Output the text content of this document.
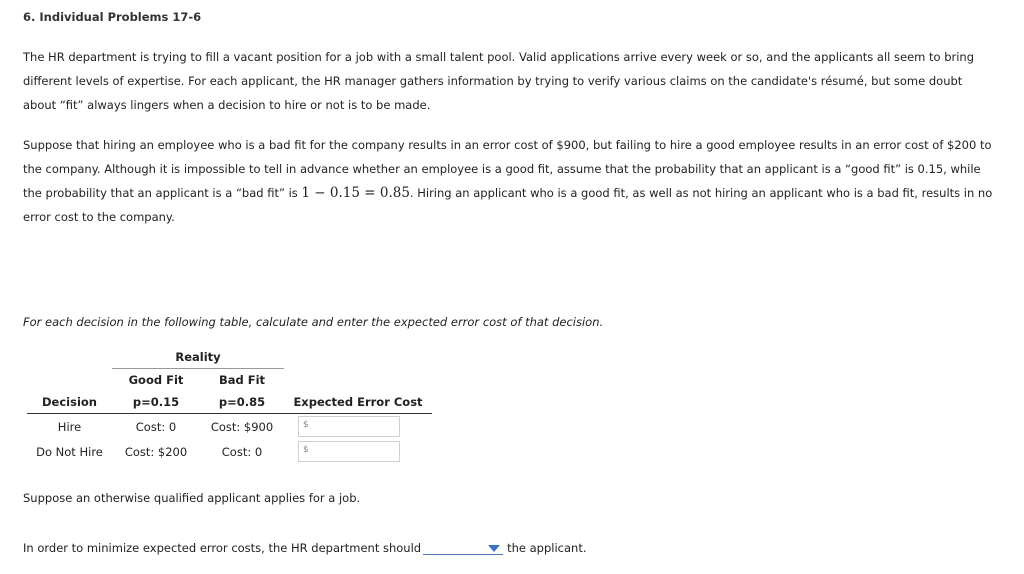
6. Individual Problems 17-6
The HR department is trying to fill a vacant position for a job with a small talent pool. Valid applications arrive every week or so, and the applicants all seem to bring different levels of expertise. For each applicant, the HR manager gathers information by trying to verify various claims on the candidate's résumé, but some doubt about “fit” always lingers when a decision to hire or not is to be made.
Suppose that hiring an employee who is a bad fit for the company results in an error cost of $900, but failing to hire a good employee results in an error cost of $200 to the company. Although it is impossible to tell in advance whether an employee is a good fit, assume that the probability that an applicant is a “good fit” is 0.15, while the probability that an applicant is a “bad fit” is 1 − 0.15 = 0.85. Hiring an applicant who is a good fit, as well as not hiring an applicant who is a bad fit, results in no error cost to the company.
For each decision in the following table, calculate and enter the expected error cost of that decision.
	Reality		
	Good Fit	Bad Fit	
Decision	p=0.15	p=0.85	Expected Error Cost
Hire	Cost: 0	Cost: $900	$

Do Not Hire	Cost: $200	Cost: 0	$
Suppose an otherwise qualified applicant applies for a job.
In order to minimize expected error costs, the HR department should	the applicant.
